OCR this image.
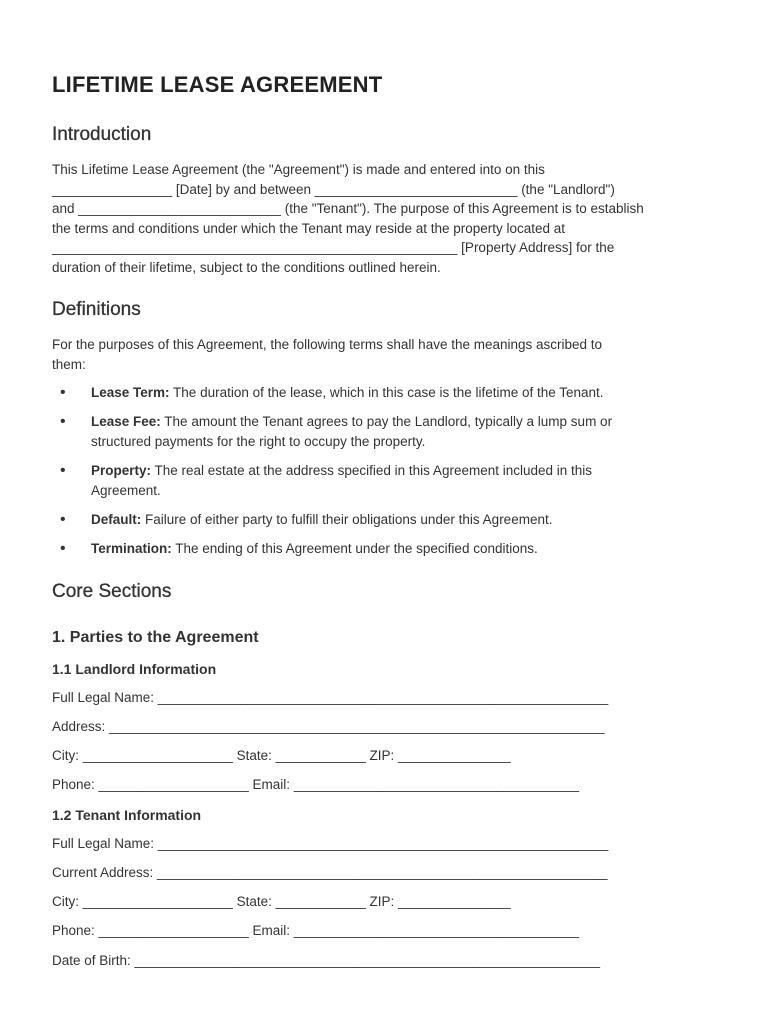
LIFETIME LEASE AGREEMENT
Introduction
This Lifetime Lease Agreement (the "Agreement") is made and entered into on this
________________ [Date] by and between ___________________________ (the "Landlord")
and ___________________________ (the "Tenant"). The purpose of this Agreement is to establish
the terms and conditions under which the Tenant may reside at the property located at
______________________________________________________ [Property Address] for the
duration of their lifetime, subject to the conditions outlined herein.
Definitions
For the purposes of this Agreement, the following terms shall have the meanings ascribed to
them:
• Lease Term: The duration of the lease, which in this case is the lifetime of the Tenant.
• Lease Fee: The amount the Tenant agrees to pay the Landlord, typically a lump sum or
structured payments for the right to occupy the property.
• Property: The real estate at the address specified in this Agreement included in this
Agreement.
• Default: Failure of either party to fulfill their obligations under this Agreement.
• Termination: The ending of this Agreement under the specified conditions.
Core Sections
1. Parties to the Agreement
1.1 Landlord Information
Full Legal Name: ____________________________________________________________
Address: __________________________________________________________________
City: ____________________ State: ____________ ZIP: _______________
Phone: ____________________ Email: ______________________________________
1.2 Tenant Information
Full Legal Name: ____________________________________________________________
Current Address: ____________________________________________________________
City: ____________________ State: ____________ ZIP: _______________
Phone: ____________________ Email: ______________________________________
Date of Birth: ______________________________________________________________
